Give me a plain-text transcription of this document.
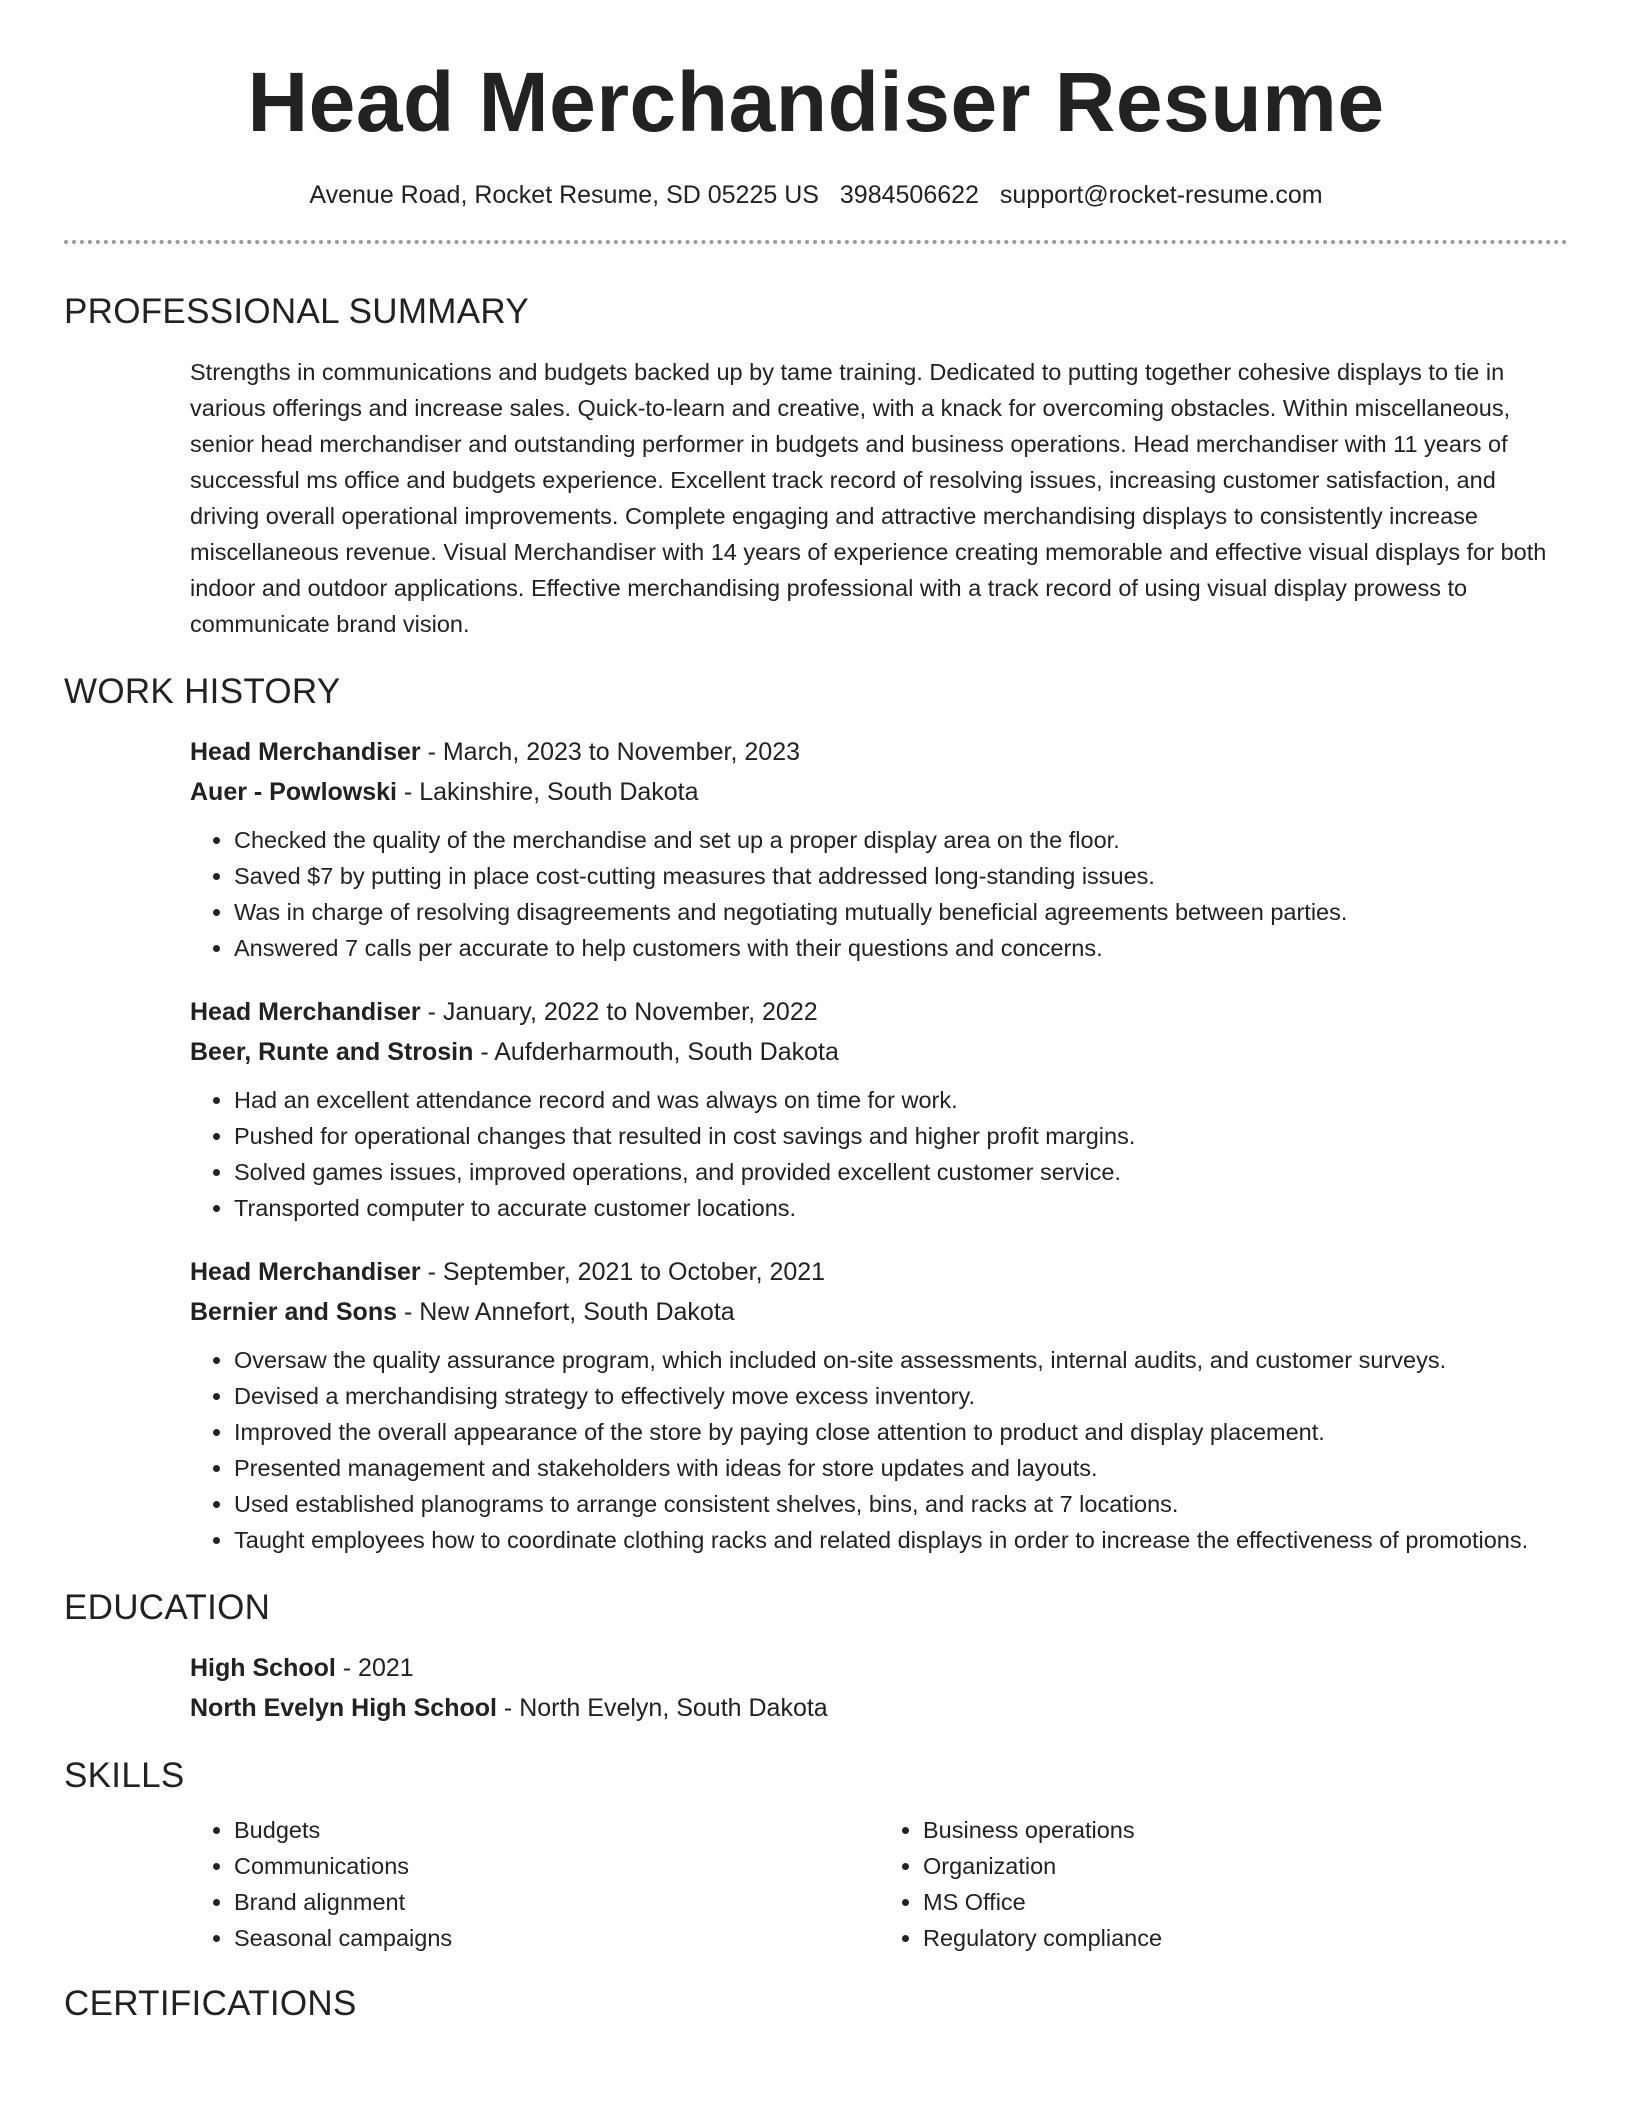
Head Merchandiser Resume
Avenue Road, Rocket Resume, SD 05225 US 3984506622 support@rocket-resume.com
PROFESSIONAL SUMMARY
Strengths in communications and budgets backed up by tame training. Dedicated to putting together cohesive displays to tie in various offerings and increase sales. Quick-to-learn and creative, with a knack for overcoming obstacles. Within miscellaneous, senior head merchandiser and outstanding performer in budgets and business operations. Head merchandiser with 11 years of successful ms office and budgets experience. Excellent track record of resolving issues, increasing customer satisfaction, and driving overall operational improvements. Complete engaging and attractive merchandising displays to consistently increase miscellaneous revenue. Visual Merchandiser with 14 years of experience creating memorable and effective visual displays for both indoor and outdoor applications. Effective merchandising professional with a track record of using visual display prowess to communicate brand vision.
WORK HISTORY
Head Merchandiser - March, 2023 to November, 2023
Auer - Powlowski - Lakinshire, South Dakota
• Checked the quality of the merchandise and set up a proper display area on the floor.
• Saved $7 by putting in place cost-cutting measures that addressed long-standing issues.
• Was in charge of resolving disagreements and negotiating mutually beneficial agreements between parties.
• Answered 7 calls per accurate to help customers with their questions and concerns.
Head Merchandiser - January, 2022 to November, 2022
Beer, Runte and Strosin - Aufderharmouth, South Dakota
• Had an excellent attendance record and was always on time for work.
• Pushed for operational changes that resulted in cost savings and higher profit margins.
• Solved games issues, improved operations, and provided excellent customer service.
• Transported computer to accurate customer locations.
Head Merchandiser - September, 2021 to October, 2021
Bernier and Sons - New Annefort, South Dakota
• Oversaw the quality assurance program, which included on-site assessments, internal audits, and customer surveys.
• Devised a merchandising strategy to effectively move excess inventory.
• Improved the overall appearance of the store by paying close attention to product and display placement.
• Presented management and stakeholders with ideas for store updates and layouts.
• Used established planograms to arrange consistent shelves, bins, and racks at 7 locations.
• Taught employees how to coordinate clothing racks and related displays in order to increase the effectiveness of promotions.
EDUCATION
High School - 2021
North Evelyn High School - North Evelyn, South Dakota
SKILLS
• Budgets
• Communications
• Brand alignment
• Seasonal campaigns
• Business operations
• Organization
• MS Office
• Regulatory compliance
CERTIFICATIONS
